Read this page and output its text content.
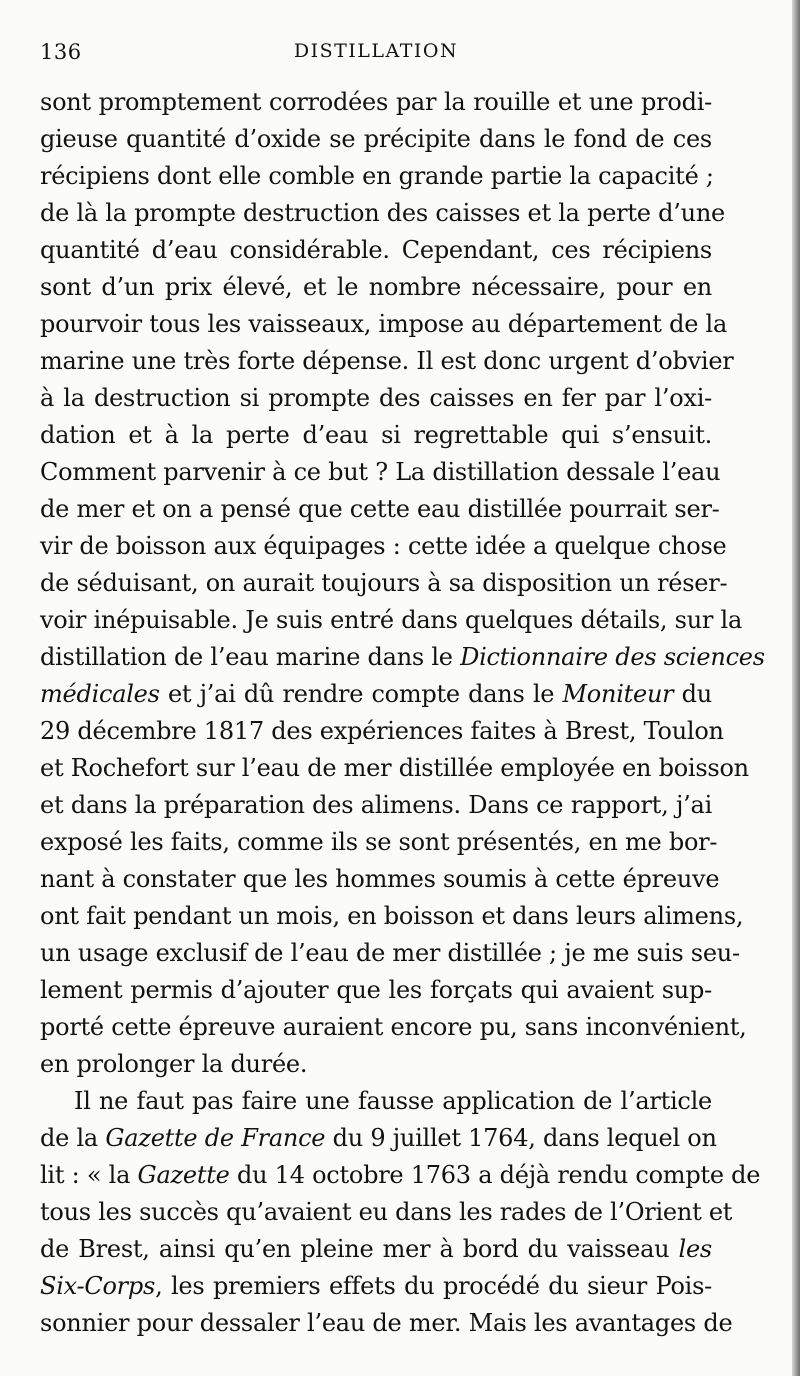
136	DISTILLATION
sont promptement corrodées par la rouille et une prodi-
gieuse quantité d’oxide se précipite dans le fond de ces
récipiens dont elle comble en grande partie la capacité ;
de là la prompte destruction des caisses et la perte d’une
quantité d’eau considérable. Cependant, ces récipiens
sont d’un prix élevé, et le nombre nécessaire, pour en
pourvoir tous les vaisseaux, impose au département de la
marine une très forte dépense. Il est donc urgent d’obvier
à la destruction si prompte des caisses en fer par l’oxi-
dation et à la perte d’eau si regrettable qui s’ensuit.
Comment parvenir à ce but ? La distillation dessale l’eau
de mer et on a pensé que cette eau distillée pourrait ser-
vir de boisson aux équipages : cette idée a quelque chose
de séduisant, on aurait toujours à sa disposition un réser-
voir inépuisable. Je suis entré dans quelques détails, sur la
distillation de l’eau marine dans le Dictionnaire des sciences
médicales et j’ai dû rendre compte dans le Moniteur du
29 décembre 1817 des expériences faites à Brest, Toulon
et Rochefort sur l’eau de mer distillée employée en boisson
et dans la préparation des alimens. Dans ce rapport, j’ai
exposé les faits, comme ils se sont présentés, en me bor-
nant à constater que les hommes soumis à cette épreuve
ont fait pendant un mois, en boisson et dans leurs alimens,
un usage exclusif de l’eau de mer distillée ; je me suis seu-
lement permis d’ajouter que les forçats qui avaient sup-
porté cette épreuve auraient encore pu, sans inconvénient,
en prolonger la durée.
Il ne faut pas faire une fausse application de l’article
de la Gazette de France du 9 juillet 1764, dans lequel on
lit : « la Gazette du 14 octobre 1763 a déjà rendu compte de
tous les succès qu’avaient eu dans les rades de l’Orient et
de Brest, ainsi qu’en pleine mer à bord du vaisseau les
Six-Corps, les premiers effets du procédé du sieur Pois-
sonnier pour dessaler l’eau de mer. Mais les avantages de
